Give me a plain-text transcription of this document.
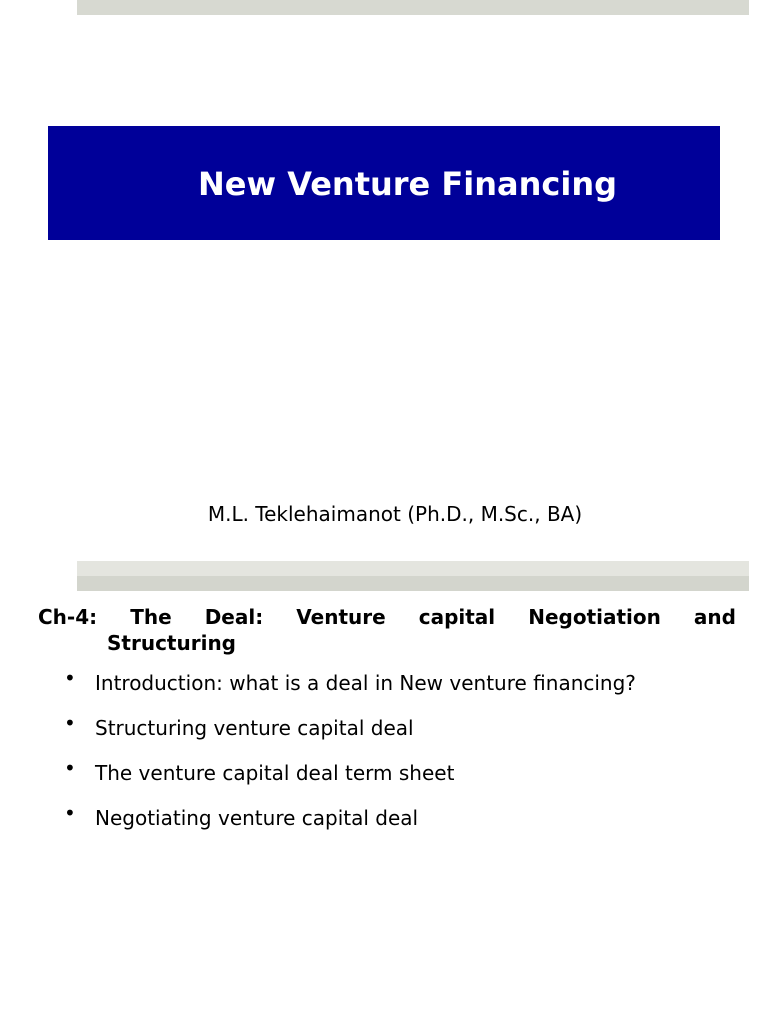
New Venture Financing
M.L. Teklehaimanot (Ph.D., M.Sc., BA)
Ch-4: The Deal: Venture capital Negotiation and
Structuring
• Introduction: what is a deal in New venture financing?
• Structuring venture capital deal
• The venture capital deal term sheet
• Negotiating venture capital deal
